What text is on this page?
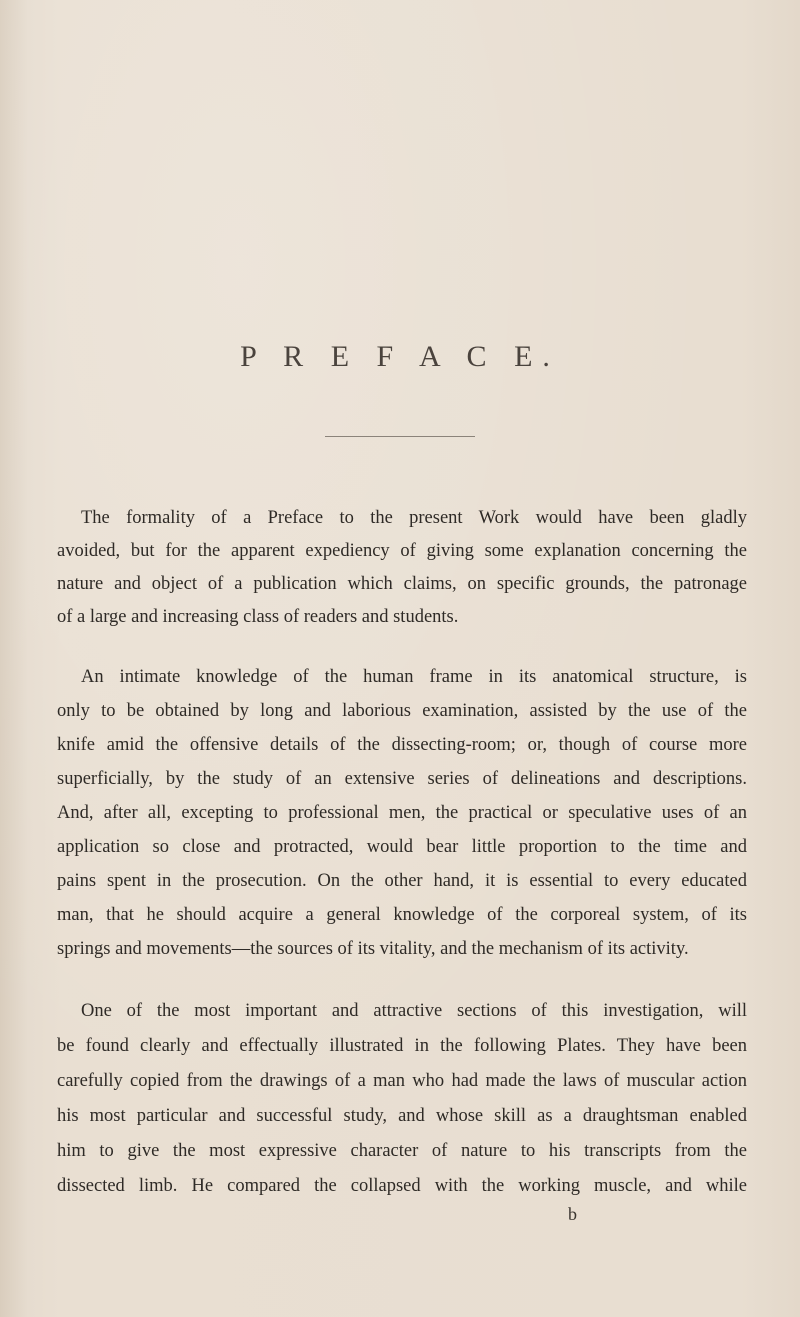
P R E F A C E.
The formality of a Preface to the present Work would have been gladly
avoided, but for the apparent expediency of giving some explanation concerning the
nature and object of a publication which claims, on specific grounds, the patronage
of a large and increasing class of readers and students.
An intimate knowledge of the human frame in its anatomical structure, is
only to be obtained by long and laborious examination, assisted by the use of the
knife amid the offensive details of the dissecting-room; or, though of course more
superficially, by the study of an extensive series of delineations and descriptions.
And, after all, excepting to professional men, the practical or speculative uses of an
application so close and protracted, would bear little proportion to the time and
pains spent in the prosecution. On the other hand, it is essential to every educated
man, that he should acquire a general knowledge of the corporeal system, of its
springs and movements—the sources of its vitality, and the mechanism of its activity.
One of the most important and attractive sections of this investigation, will
be found clearly and effectually illustrated in the following Plates. They have been
carefully copied from the drawings of a man who had made the laws of muscular action
his most particular and successful study, and whose skill as a draughtsman enabled
him to give the most expressive character of nature to his transcripts from the
dissected limb. He compared the collapsed with the working muscle, and while
b
